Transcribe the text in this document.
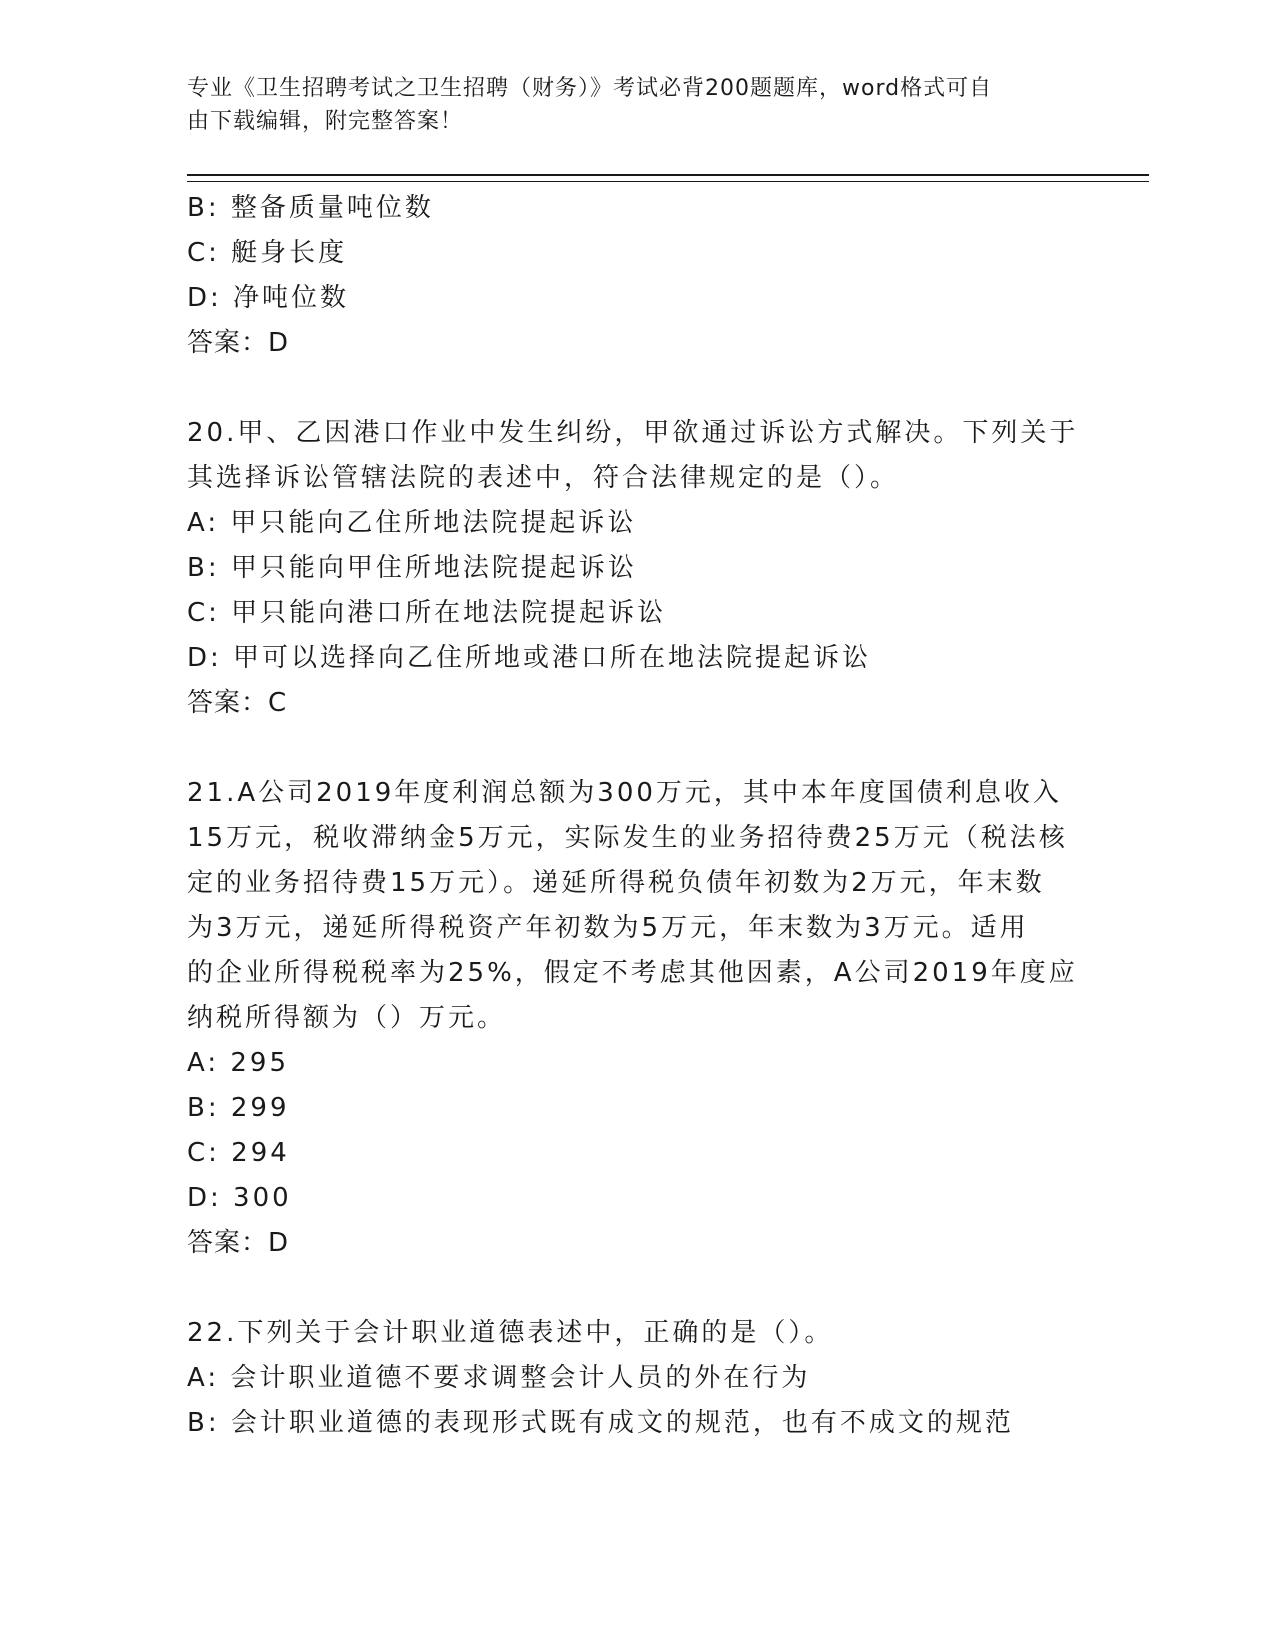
专业《卫生招聘考试之卫生招聘（财务）》考试必背200题题库，word格式可自
由下载编辑，附完整答案！
B: 整备质量吨位数
C: 艇身长度
D: 净吨位数
答案：D
20.甲、乙因港口作业中发生纠纷，甲欲通过诉讼方式解决。下列关于
其选择诉讼管辖法院的表述中，符合法律规定的是（）。
A: 甲只能向乙住所地法院提起诉讼
B: 甲只能向甲住所地法院提起诉讼
C: 甲只能向港口所在地法院提起诉讼
D: 甲可以选择向乙住所地或港口所在地法院提起诉讼
答案：C
21.A公司2019年度利润总额为300万元，其中本年度国债利息收入
15万元，税收滞纳金5万元，实际发生的业务招待费25万元（税法核
定的业务招待费15万元）。递延所得税负债年初数为2万元，年末数
为3万元，递延所得税资产年初数为5万元，年末数为3万元。适用
的企业所得税税率为25%，假定不考虑其他因素，A公司2019年度应
纳税所得额为（）万元。
A: 295
B: 299
C: 294
D: 300
答案：D
22.下列关于会计职业道德表述中，正确的是（）。
A: 会计职业道德不要求调整会计人员的外在行为
B: 会计职业道德的表现形式既有成文的规范，也有不成文的规范
